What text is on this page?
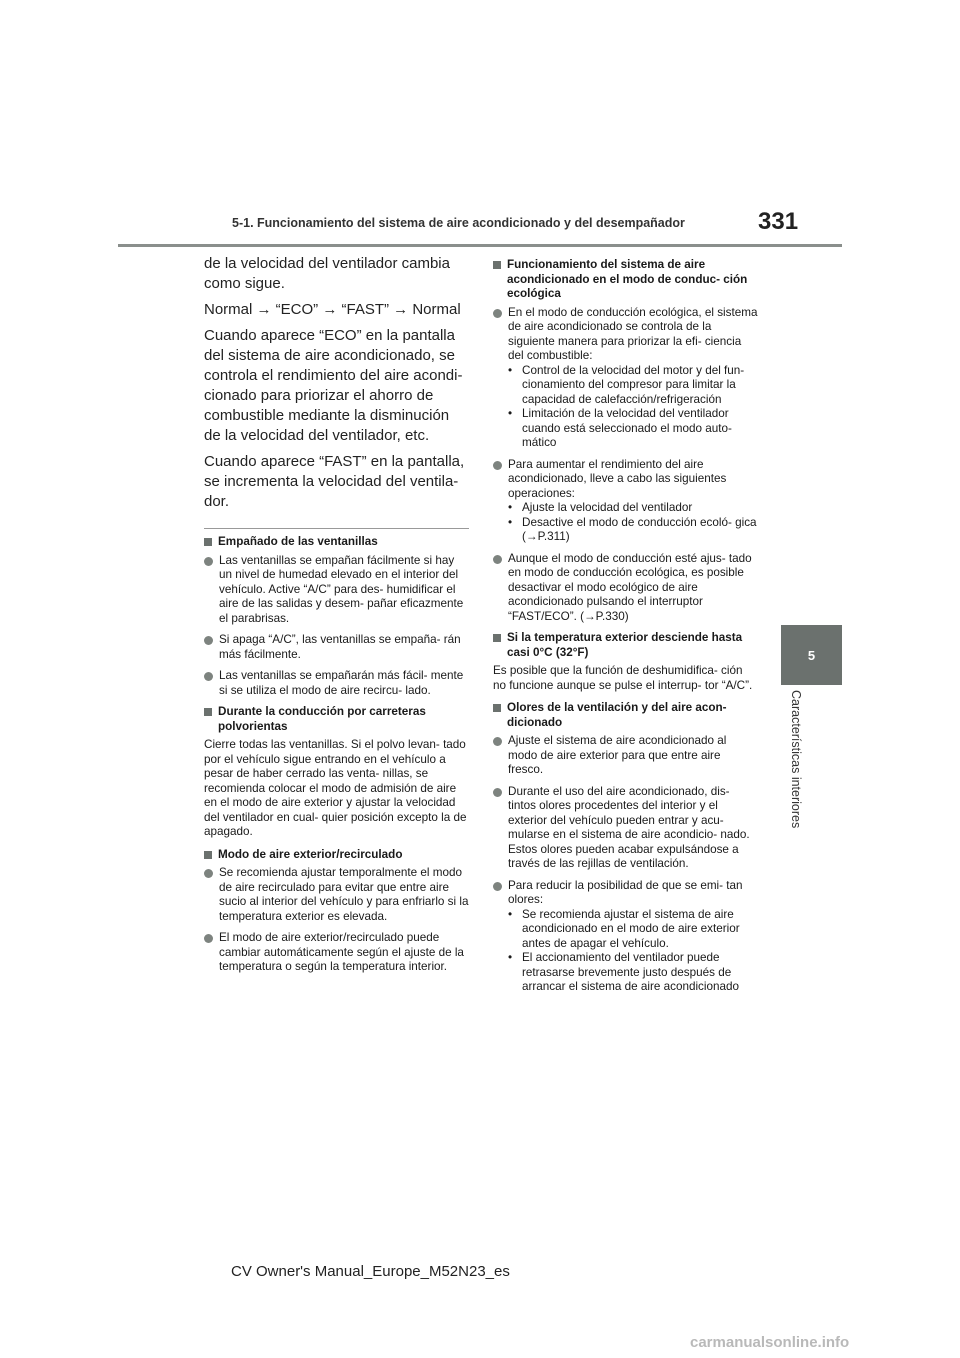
5-1. Funcionamiento del sistema de aire acondicionado y del desempañador	331
5
Características interiores

de la velocidad del ventilador cambia como sigue.

Normal → “ECO” → “FAST” → Normal

Cuando aparece “ECO” en la pantalla del sistema de aire acondicionado, se controla el rendimiento del aire acondi- cionado para priorizar el ahorro de combustible mediante la disminución de la velocidad del ventilador, etc.

Cuando aparece “FAST” en la pantalla, se incrementa la velocidad del ventila- dor.

Empañado de las ventanillas
Las ventanillas se empañan fácilmente si hay un nivel de humedad elevado en el interior del vehículo. Active “A/C” para des- humidificar el aire de las salidas y desem- pañar eficazmente el parabrisas.
Si apaga “A/C”, las ventanillas se empaña- rán más fácilmente.
Las ventanillas se empañarán más fácil- mente si se utiliza el modo de aire recircu- lado.
Durante la conducción por carreteras polvorientas

Cierre todas las ventanillas. Si el polvo levan- tado por el vehículo sigue entrando en el vehículo a pesar de haber cerrado las venta- nillas, se recomienda colocar el modo de admisión de aire en el modo de aire exterior y ajustar la velocidad del ventilador en cual- quier posición excepto la de apagado.

Modo de aire exterior/recirculado
Se recomienda ajustar temporalmente el modo de aire recirculado para evitar que entre aire sucio al interior del vehículo y para enfriarlo si la temperatura exterior es elevada.
El modo de aire exterior/recirculado puede cambiar automáticamente según el ajuste de la temperatura o según la temperatura interior.
Funcionamiento del sistema de aire acondicionado en el modo de conduc- ción ecológica
En el modo de conducción ecológica, el sistema de aire acondicionado se controla de la siguiente manera para priorizar la efi- ciencia del combustible:
• Control de la velocidad del motor y del fun- cionamiento del compresor para limitar la capacidad de calefacción/refrigeración
• Limitación de la velocidad del ventilador cuando está seleccionado el modo auto- mático
Para aumentar el rendimiento del aire acondicionado, lleve a cabo las siguientes operaciones:
• Ajuste la velocidad del ventilador
• Desactive el modo de conducción ecoló- gica (→P.311)
Aunque el modo de conducción esté ajus- tado en modo de conducción ecológica, es posible desactivar el modo ecológico de aire acondicionado pulsando el interruptor “FAST/ECO”. (→P.330)
Si la temperatura exterior desciende hasta casi 0°C (32°F)

Es posible que la función de deshumidifica- ción no funcione aunque se pulse el interrup- tor “A/C”.

Olores de la ventilación y del aire acon- dicionado
Ajuste el sistema de aire acondicionado al modo de aire exterior para que entre aire fresco.
Durante el uso del aire acondicionado, dis- tintos olores procedentes del interior y el exterior del vehículo pueden entrar y acu- mularse en el sistema de aire acondicio- nado. Estos olores pueden acabar expulsándose a través de las rejillas de ventilación.
Para reducir la posibilidad de que se emi- tan olores:
• Se recomienda ajustar el sistema de aire acondicionado en el modo de aire exterior antes de apagar el vehículo.
• El accionamiento del ventilador puede retrasarse brevemente justo después de arrancar el sistema de aire acondicionado
CV Owner's Manual_Europe_M52N23_es
carmanualsonline.info
